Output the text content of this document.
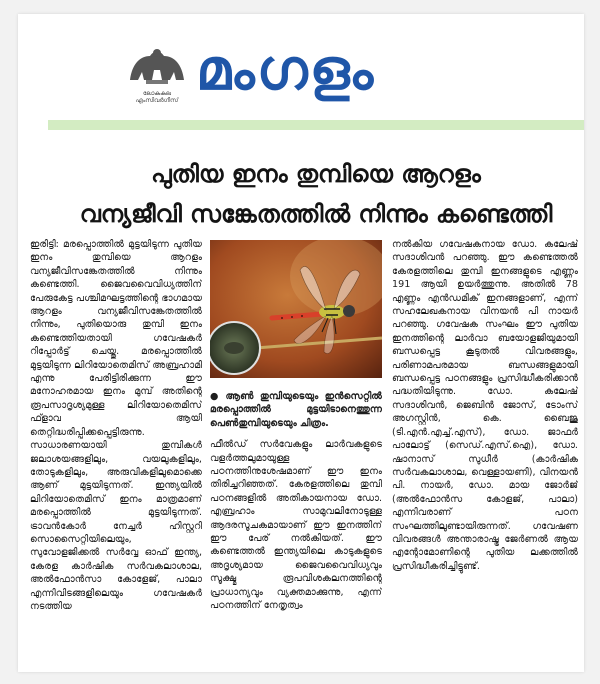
ലോകകല എംസിവർഗീസ് മംഗളം
പുതിയ ഇനം തുമ്പിയെ ആറളം
വന്യജീവി സങ്കേതത്തിൽ നിന്നും കണ്ടെത്തി

ഇരിട്ടി: മരപ്പൊത്തിൽ മുട്ടയിടുന്ന പുതിയ ഇനം തുമ്പിയെ ആറളം വന്യജീവിസങ്കേതത്തിൽ നിന്നും കണ്ടെത്തി. ജൈവവൈവിധ്യത്തിന് പേരുകേട്ട പശ്ചിമഘട്ടത്തിന്റെ ഭാഗമായ ആറളം വന്യജീവിസങ്കേതത്തിൽ നിന്നും, പുതിയൊരു തുമ്പി ഇനം കണ്ടെത്തിയതായി ഗവേഷകർ റിപ്പോർട്ട് ചെയ്തു. മരപ്പൊത്തിൽ മുട്ടയിടുന്ന ലിറിയോതെമിസ് അബ്രഹാമി എന്നു പേരിട്ടിരിക്കുന്ന ഈ മനോഹരമായ ഇനം മുമ്പ് അതിന്റെ രൂപസാദൃശ്യമുള്ള ലിറിയോതെമിസ് ഫ്ളാവ ആയി തെറ്റിദ്ധരിപ്പിക്കപ്പെട്ടിരുന്നു. സാധാരണയായി തുമ്പികൾ ജലാശയങ്ങളിലും, വയലുകളിലും, തോടുകളിലും, അരുവികളിലുമൊക്കെ ആണ് മുട്ടയിടുന്നത്. ഇന്ത്യയിൽ ലിറിയോതെമിസ് ഇനം മാത്രമാണ് മരപ്പൊത്തിൽ മുട്ടയിടുന്നത്. ട്രാവൻകോർ നേച്ചർ ഹിസ്റ്ററി സൊസൈറ്റിയിലെയും, സുവോളജിക്കൽ സർവ്വേ ഓഫ് ഇന്ത്യ, കേരള കാർഷിക സർവകലാശാല, അൽഫോൻസാ കോളേജ്, പാലാ എന്നിവിടങ്ങളിലെയും ഗവേഷകർ നടത്തിയ

● ആൺ തുമ്പിയുടെയും ഇൻസെറ്റിൽ മരപ്പൊത്തിൽ മുട്ടയിടാനെത്തുന്ന പെൺതുമ്പിയുടെയും ചിത്രം.

ഫീൽഡ് സർവേകളും ലാർവകളുടെ വളർത്തലുമായുള്ള പഠനത്തിനുശേഷമാണ് ഈ ഇനം തിരിച്ചറിഞ്ഞത്. കേരളത്തിലെ തുമ്പി പഠനങ്ങളിൽ അതികായനായ ഡോ. എബ്രഹാം സാമുവലിനോടുള്ള ആദരസൂചകമായാണ് ഈ ഇനത്തിന് ഈ പേര് നൽകിയത്. ഈ കണ്ടെത്തൽ ഇന്ത്യയിലെ കാടുകളുടെ അദൃശ്യമായ ജൈവവൈവിധ്യവും സൂക്ഷ്മ രൂപവിശകലനത്തിന്റെ പ്രാധാന്യവും വ്യക്തമാക്കുന്നു, എന്ന് പഠനത്തിന് നേതൃത്വം

നൽകിയ ഗവേഷകനായ ഡോ. കലേഷ് സദാശിവൻ പറഞ്ഞു. ഈ കണ്ടെത്തൽ കേരളത്തിലെ തുമ്പി ഇനങ്ങളുടെ എണ്ണം 191 ആയി ഉയർത്തുന്നു. അതിൽ 78 എണ്ണം എൻഡമിക് ഇനങ്ങളാണ്, എന്ന് സഹലേഖകനായ വിനയൻ പി നായർ പറഞ്ഞു. ഗവേഷക സംഘം ഈ പുതിയ ഇനത്തിന്റെ ലാർവാ ബയോളജിയുമായി ബന്ധപ്പെട്ട കൂടുതൽ വിവരങ്ങളും, പരിണാമപരമായ ബന്ധങ്ങളുമായി ബന്ധപ്പെട്ട പഠനങ്ങളും പ്രസിദ്ധീകരിക്കാൻ പദ്ധതിയിടുന്നു. ഡോ. കലേഷ് സദാശിവൻ, ജെബിൻ ജോസ്, ടോംസ് അഗസ്റ്റിൻ, കെ. ബൈജു (ടി.എൻ.എച്ച്.എസ്), ഡോ. ജാഫർ പാലോട്ട് (സെഡ്.എസ്.ഐ), ഡോ. ഷാനാസ് സുധീർ (കാർഷിക സർവകലാശാല, വെള്ളായണി), വിനയൻ പി. നായർ, ഡോ. മായ ജോർജ് (അൽഫോൻസ കോളജ്, പാലാ) എന്നിവരാണ് പഠന സംഘത്തിലുണ്ടായിരുന്നത്. ഗവേഷണ വിവരങ്ങൾ അന്താരാഷ്ട്ര ജേർണൽ ആയ എന്റോമോണിന്റെ പുതിയ ലക്കത്തിൽ പ്രസിദ്ധീകരിച്ചിട്ടുണ്ട്.
